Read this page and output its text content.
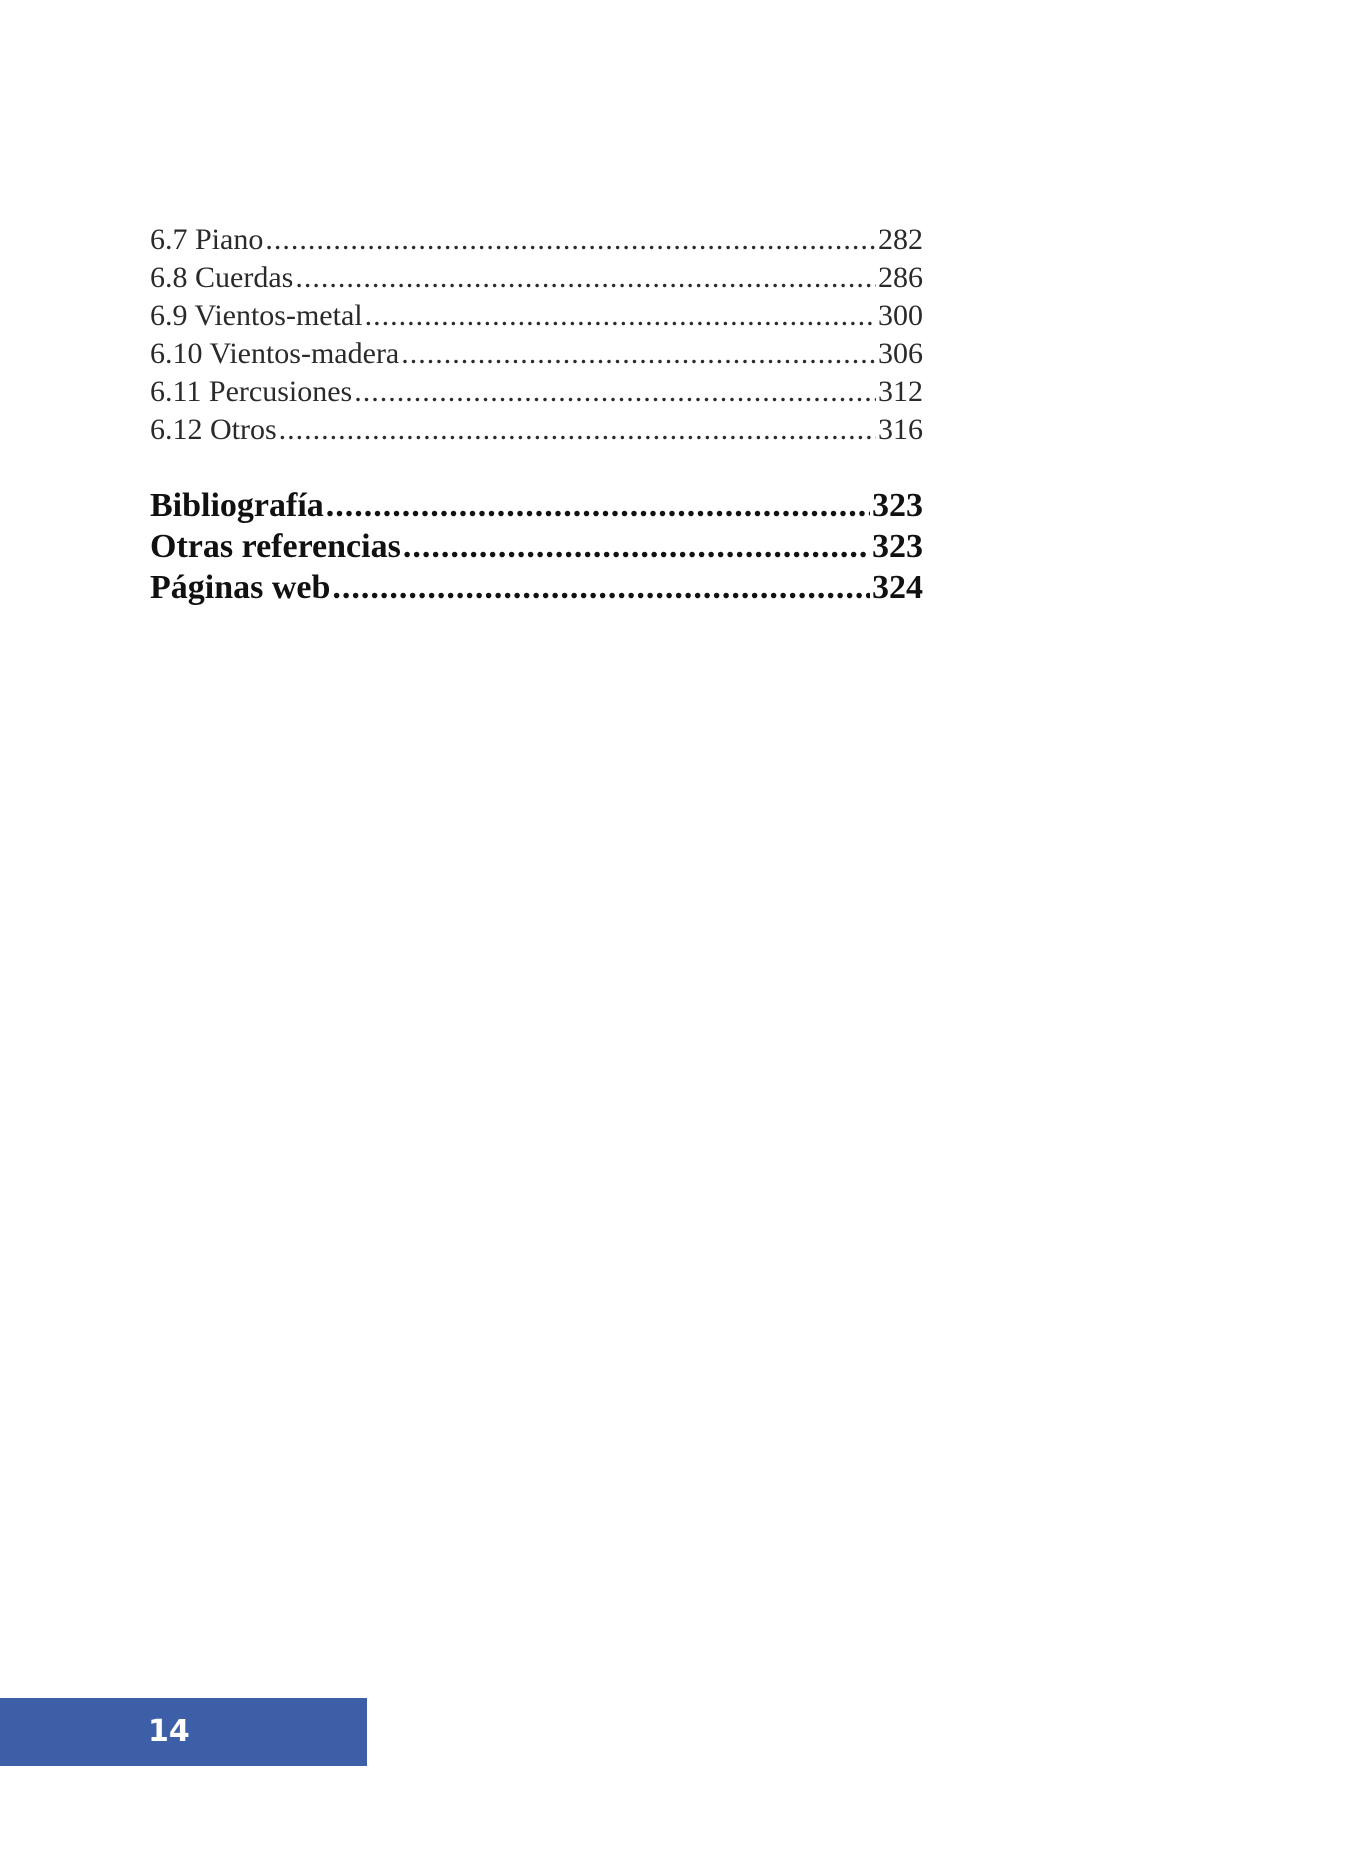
6.7 Piano .....	282
6.8 Cuerdas .....	286
6.9 Vientos-metal .....	300
6.10 Vientos-madera .....	306
6.11 Percusiones .....	312
6.12 Otros .....	316
Bibliografía .....	323
Otras referencias .....	323
Páginas web .....	324
14
